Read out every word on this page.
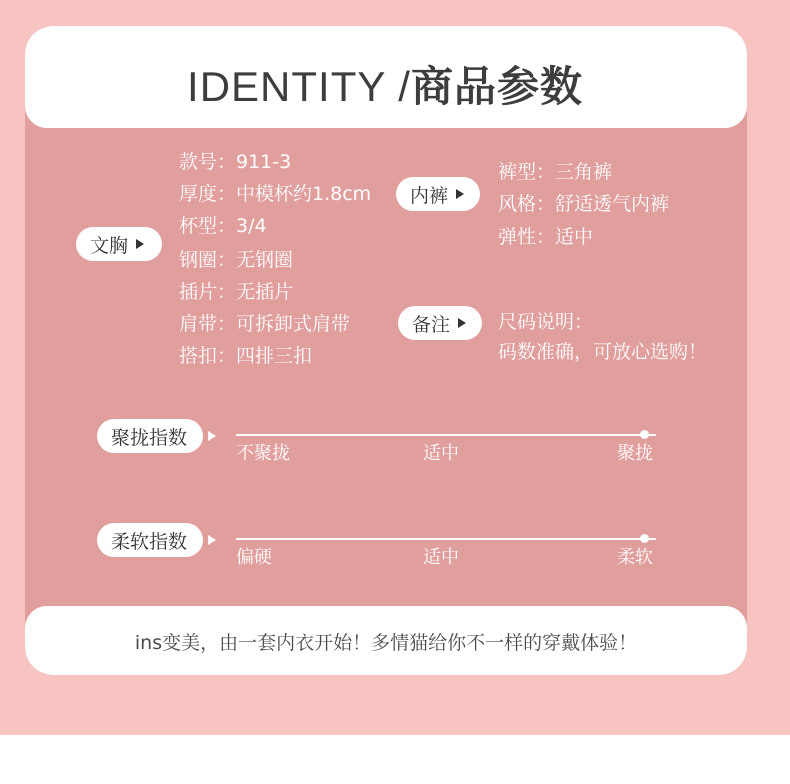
IDENTITY /商品参数
文胸
款号：911-3
厚度：中模杯约1.8cm
杯型：3/4
钢圈：无钢圈
插片：无插片
肩带：可拆卸式肩带
搭扣：四排三扣
内裤
裤型：三角裤
风格：舒适透气内裤
弹性：适中
备注	尺码说明：
码数准确，可放心选购！
聚拢指数
不聚拢	适中	聚拢
柔软指数
偏硬	适中	柔软
ins变美，由一套内衣开始！多情猫给你不一样的穿戴体验！
